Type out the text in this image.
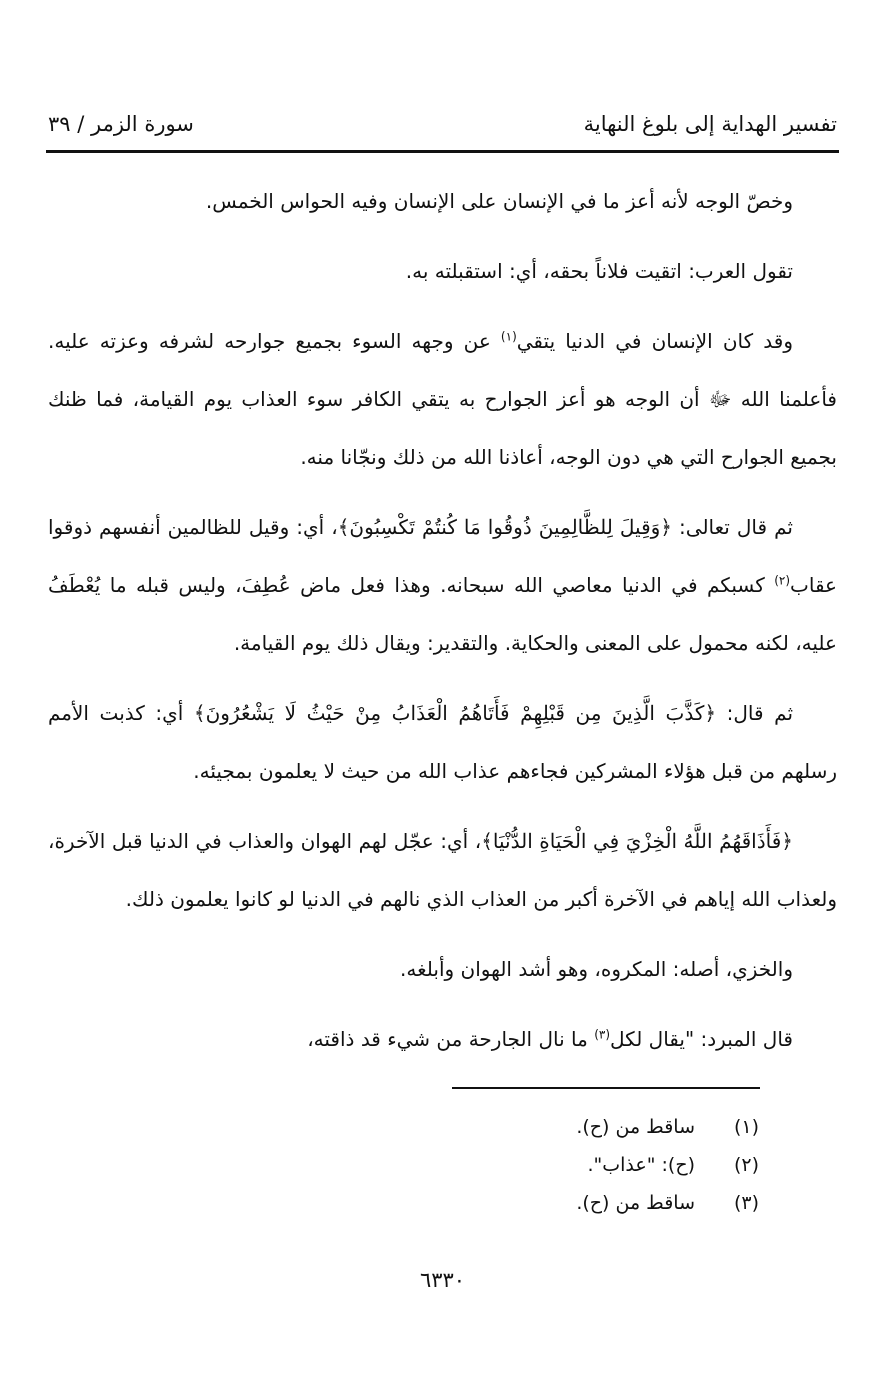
تفسير الهداية إلى بلوغ النهاية
سورة الزمر / ٣٩

وخصّ الوجه لأنه أعز ما في الإنسان على الإنسان وفيه الحواس الخمس.

تقول العرب: اتقيت فلاناً بحقه، أي: استقبلته به.

وقد كان الإنسان في الدنيا يتقي$^{(١)}$ عن وجهه السوء بجميع جوارحه لشرفه وعزته عليه. فأعلمنا الله ﷻ أن الوجه هو أعز الجوارح به يتقي الكافر سوء العذاب يوم القيامة، فما ظنك بجميع الجوارح التي هي دون الوجه، أعاذنا الله من ذلك ونجّانا منه.

ثم قال تعالى: ﴿وَقِيلَ لِلظَّالِمِينَ ذُوقُوا مَا كُنتُمْ تَكْسِبُونَ﴾، أي: وقيل للظالمين أنفسهم ذوقوا عقاب$^{(٢)}$ كسبكم في الدنيا معاصي الله سبحانه. وهذا فعل ماض عُطِفَ، وليس قبله ما يُعْطَفُ عليه، لكنه محمول على المعنى والحكاية. والتقدير: ويقال ذلك يوم القيامة.

ثم قال: ﴿كَذَّبَ الَّذِينَ مِن قَبْلِهِمْ فَأَتَاهُمُ الْعَذَابُ مِنْ حَيْثُ لَا يَشْعُرُونَ﴾ أي: كذبت الأمم رسلهم من قبل هؤلاء المشركين فجاءهم عذاب الله من حيث لا يعلمون بمجيئه.

﴿فَأَذَاقَهُمُ اللَّهُ الْخِزْيَ فِي الْحَيَاةِ الدُّنْيَا﴾، أي: عجّل لهم الهوان والعذاب في الدنيا قبل الآخرة، ولعذاب الله إياهم في الآخرة أكبر من العذاب الذي نالهم في الدنيا لو كانوا يعلمون ذلك.

والخزي، أصله: المكروه، وهو أشد الهوان وأبلغه.

قال المبرد: "يقال لكل$^{(٣)}$ ما نال الجارحة من شيء قد ذاقته،

(١)ساقط من (ح).
(٢)(ح): "عذاب".
(٣)ساقط من (ح).
٦٣٣٠
